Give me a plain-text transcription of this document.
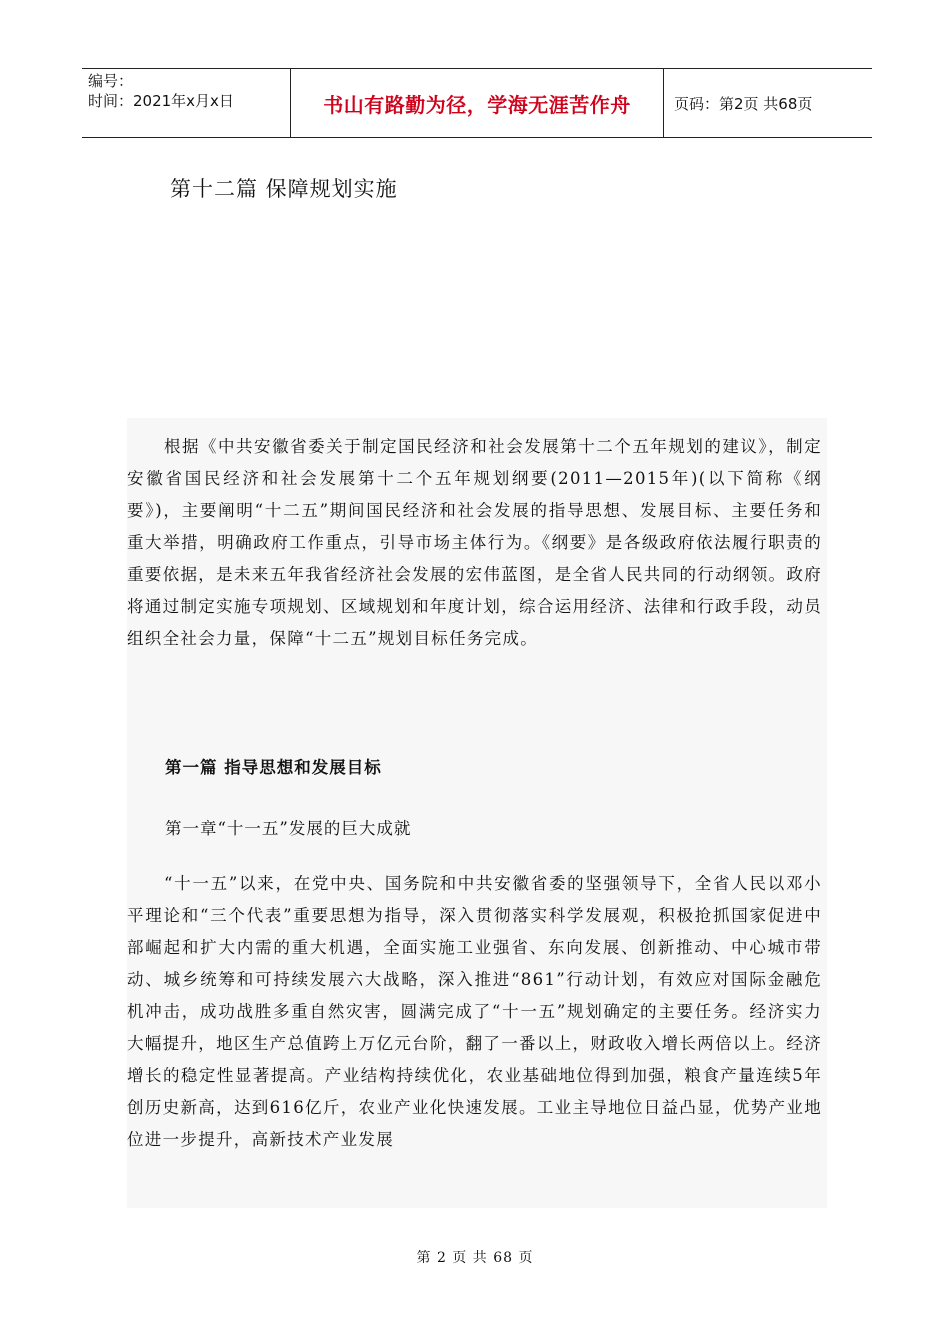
编号：
时间：2021年x月x日	书山有路勤为径，学海无涯苦作舟	页码：第2页 共68页
第十二篇 保障规划实施

根据《中共安徽省委关于制定国民经济和社会发展第十二个五年规划的建议》，制定安徽省国民经济和社会发展第十二个五年规划纲要(2011—2015年)(以下简称《纲要》)，主要阐明“十二五”期间国民经济和社会发展的指导思想、发展目标、主要任务和重大举措，明确政府工作重点，引导市场主体行为。《纲要》是各级政府依法履行职责的重要依据，是未来五年我省经济社会发展的宏伟蓝图，是全省人民共同的行动纲领。政府将通过制定实施专项规划、区域规划和年度计划，综合运用经济、法律和行政手段，动员组织全社会力量，保障“十二五”规划目标任务完成。

第一篇 指导思想和发展目标
第一章“十一五”发展的巨大成就

“十一五”以来，在党中央、国务院和中共安徽省委的坚强领导下，全省人民以邓小平理论和“三个代表”重要思想为指导，深入贯彻落实科学发展观，积极抢抓国家促进中部崛起和扩大内需的重大机遇，全面实施工业强省、东向发展、创新推动、中心城市带动、城乡统筹和可持续发展六大战略，深入推进“861”行动计划，有效应对国际金融危机冲击，成功战胜多重自然灾害，圆满完成了“十一五”规划确定的主要任务。经济实力大幅提升，地区生产总值跨上万亿元台阶，翻了一番以上，财政收入增长两倍以上。经济增长的稳定性显著提高。产业结构持续优化，农业基础地位得到加强，粮食产量连续5年创历史新高，达到616亿斤，农业产业化快速发展。工业主导地位日益凸显，优势产业地位进一步提升，高新技术产业发展

第 2 页 共 68 页
